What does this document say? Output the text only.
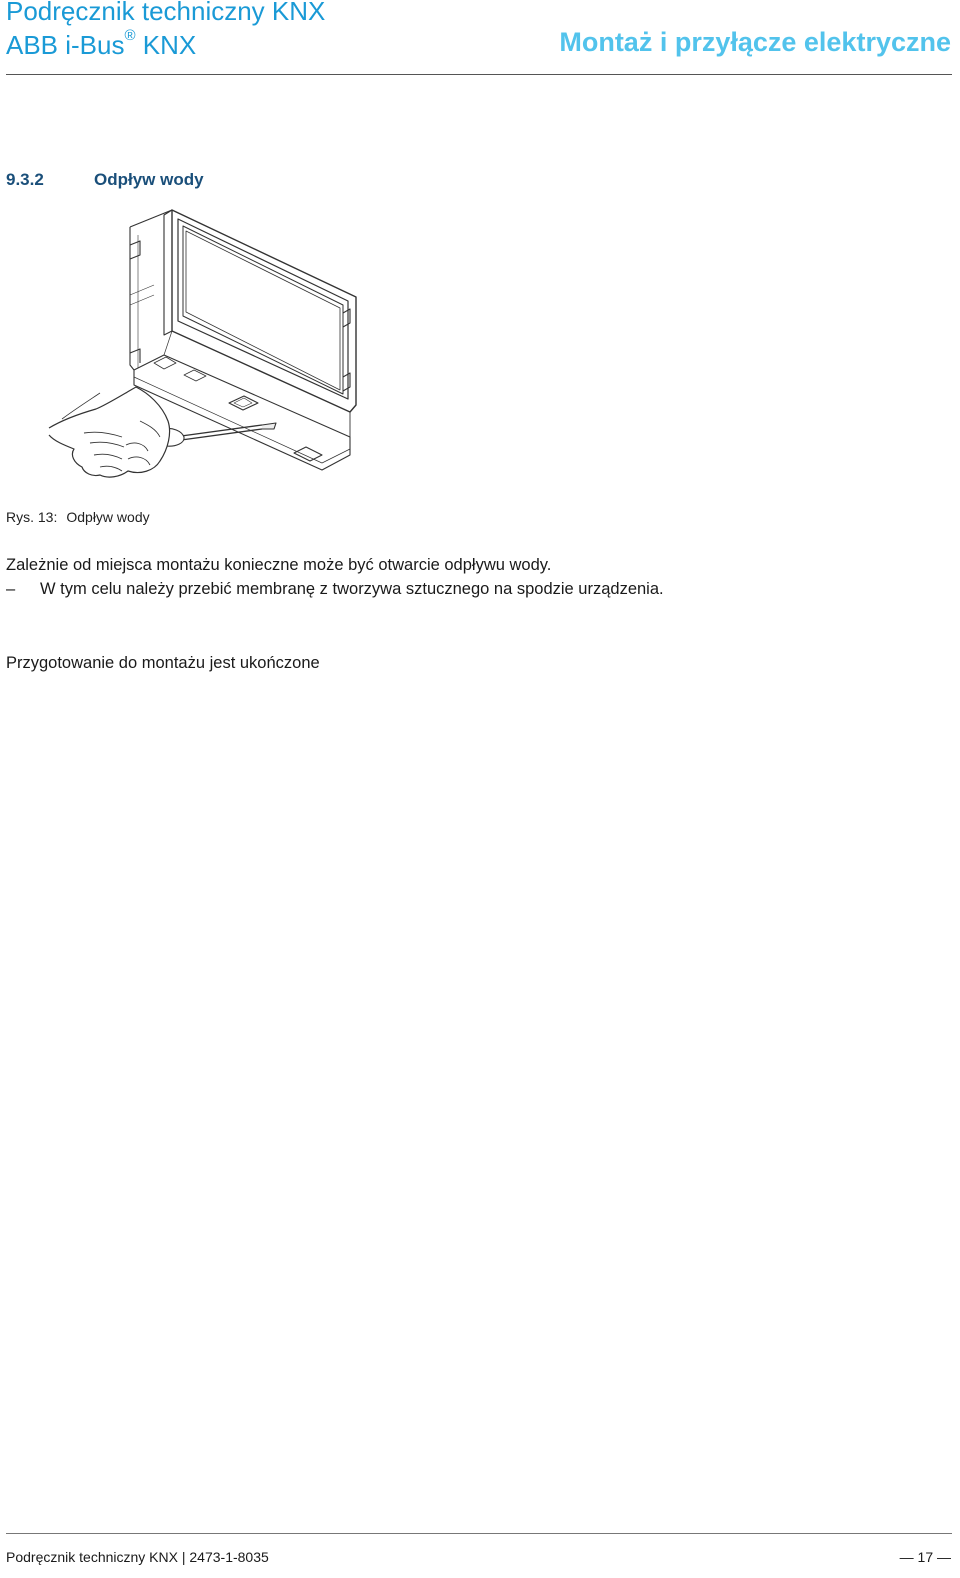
Podręcznik techniczny KNX
ABB i-Bus® KNX	Montaż i przyłącze elektryczne
9.3.2	Odpływ wody
Rys. 13: Odpływ wody
Zależnie od miejsca montażu konieczne może być otwarcie odpływu wody.
– W tym celu należy przebić membranę z tworzywa sztucznego na spodzie urządzenia.
Przygotowanie do montażu jest ukończone
Podręcznik techniczny KNX | 2473-1-8035	— 17 —
